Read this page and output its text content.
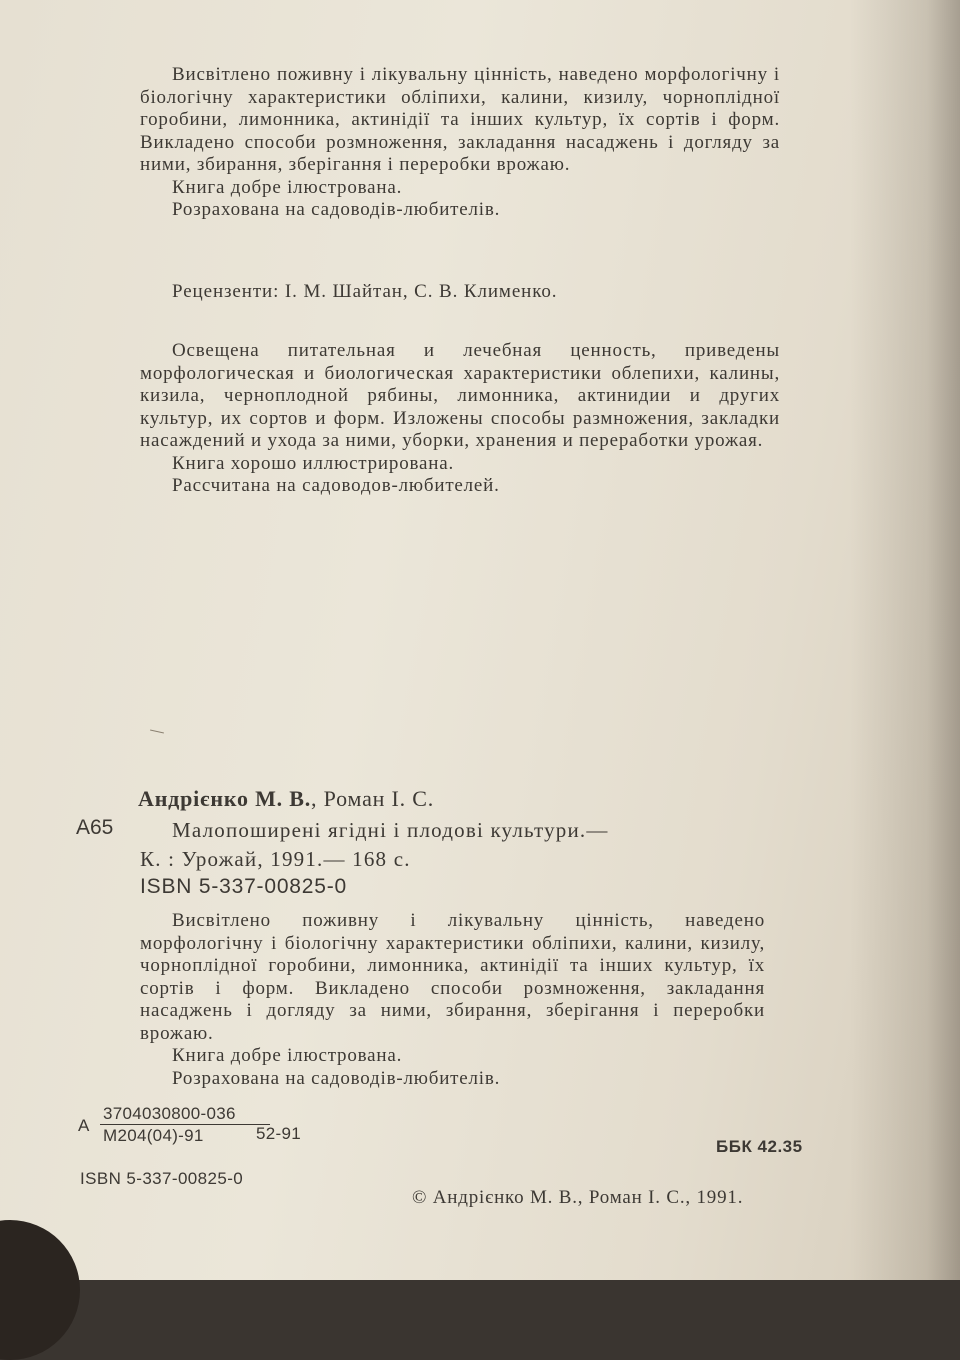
Висвітлено поживну і лікувальну цінність, наведено морфологічну і біологічну характеристики обліпихи, калини, кизилу, чорноплідної горобини, лимонника, актинідії та інших культур, їх сортів і форм. Викладено способи розмноження, закладання насаджень і догляду за ними, збирання, зберігання і переробки врожаю.

Книга добре ілюстрована.

Розрахована на садоводів-любителів.

Рецензенти: І. М. Шайтан, С. В. Клименко.

Освещена питательная и лечебная ценность, приведены морфологическая и биологическая характеристики облепихи, калины, кизила, черноплодной рябины, лимонника, актинидии и других культур, их сортов и форм. Изложены способы размножения, закладки насаждений и ухода за ними, уборки, хранения и переработки урожая.

Книга хорошо иллюстрирована.

Рассчитана на садоводов-любителей.

Андрієнко М. В., Роман І. С.
А65	Малопоширені ягідні і плодові культури.—
К. : Урожай, 1991.— 168 с.
ISBN 5-337-00825-0

Висвітлено поживну і лікувальну цінність, наведено морфологічну і біологічну характеристики обліпихи, калини, кизилу, чорноплідної горобини, лимонника, актинідії та інших культур, їх сортів і форм. Викладено способи розмноження, закладання насаджень і догляду за ними, збирання, зберігання і переробки врожаю.

Книга добре ілюстрована.

Розрахована на садоводів-любителів.

А
3704030800-036
М204(04)-91	52-91
ББК 42.35
ISBN 5-337-00825-0
© Андрієнко М. В., Роман І. С., 1991.
